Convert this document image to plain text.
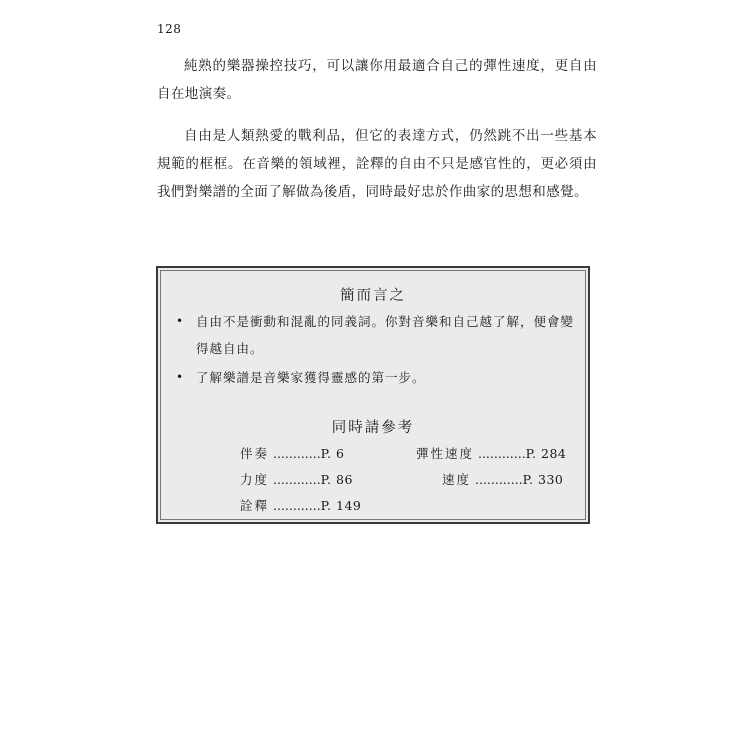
128

純熟的樂器操控技巧，可以讓你用最適合自己的彈性速度，更自由自在地演奏。

自由是人類熱愛的戰利品，但它的表達方式，仍然跳不出一些基本規範的框框。在音樂的領域裡，詮釋的自由不只是感官性的，更必須由我們對樂譜的全面了解做為後盾，同時最好忠於作曲家的思想和感覺。

簡而言之
• 自由不是衝動和混亂的同義詞。你對音樂和自己越了解，便會變得越自由。
• 了解樂譜是音樂家獲得靈感的第一步。
同時請參考
伴奏 ............P. 6	彈性速度 ............P. 284
力度 ............P. 86	速度 ............P. 330
詮釋 ............P. 149
